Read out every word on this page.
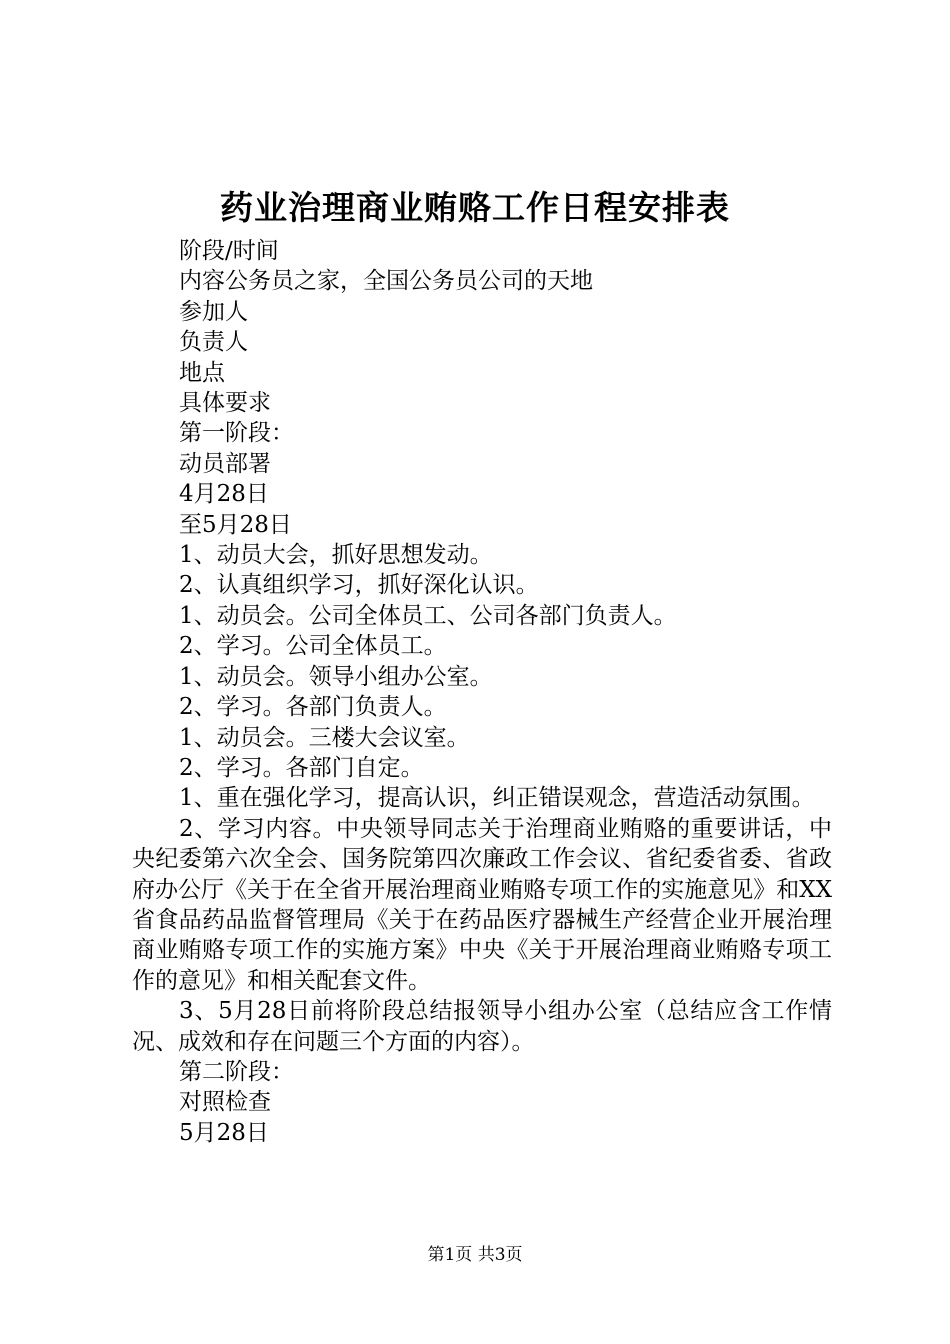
药业治理商业贿赂工作日程安排表

阶段/时间

内容公务员之家，全国公务员公司的天地

参加人

负责人

地点

具体要求

第一阶段：

动员部署

4月28日

至5月28日

1、动员大会，抓好思想发动。

2、认真组织学习，抓好深化认识。

1、动员会。公司全体员工、公司各部门负责人。

2、学习。公司全体员工。

1、动员会。领导小组办公室。

2、学习。各部门负责人。

1、动员会。三楼大会议室。

2、学习。各部门自定。

1、重在强化学习，提高认识，纠正错误观念，营造活动氛围。

2、学习内容。中央领导同志关于治理商业贿赂的重要讲话，中央纪委第六次全会、国务院第四次廉政工作会议、省纪委省委、省政府办公厅《关于在全省开展治理商业贿赂专项工作的实施意见》和XX省食品药品监督管理局《关于在药品医疗器械生产经营企业开展治理商业贿赂专项工作的实施方案》中央《关于开展治理商业贿赂专项工作的意见》和相关配套文件。

3、5月28日前将阶段总结报领导小组办公室（总结应含工作情况、成效和存在问题三个方面的内容）。

第二阶段：

对照检查

5月28日

第1页 共3页
